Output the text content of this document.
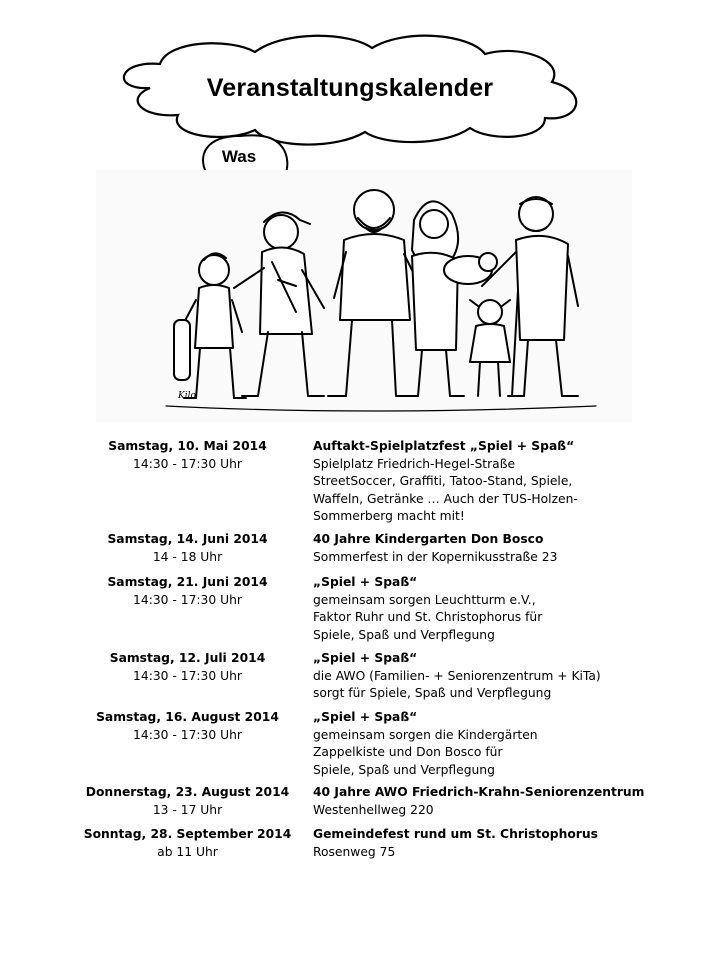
Veranstaltungskalender
Was
Kilo
Samstag, 10. Mai 2014
14:30 - 17:30 Uhr
Auftakt-Spielplatzfest „Spiel + Spaß“
Spielplatz Friedrich-Hegel-Straße
StreetSoccer, Graffiti, Tatoo-Stand, Spiele,
Waffeln, Getränke … Auch der TUS-Holzen-
Sommerberg macht mit!
Samstag, 14. Juni 2014
14 - 18 Uhr
40 Jahre Kindergarten Don Bosco
Sommerfest in der Kopernikusstraße 23
Samstag, 21. Juni 2014
14:30 - 17:30 Uhr
„Spiel + Spaß“
gemeinsam sorgen Leuchtturm e.V.,
Faktor Ruhr und St. Christophorus für
Spiele, Spaß und Verpflegung
Samstag, 12. Juli 2014
14:30 - 17:30 Uhr
„Spiel + Spaß“
die AWO (Familien- + Seniorenzentrum + KiTa)
sorgt für Spiele, Spaß und Verpflegung
Samstag, 16. August 2014
14:30 - 17:30 Uhr
„Spiel + Spaß“
gemeinsam sorgen die Kindergärten
Zappelkiste und Don Bosco für
Spiele, Spaß und Verpflegung
Donnerstag, 23. August 2014
13 - 17 Uhr
40 Jahre AWO Friedrich-Krahn-Seniorenzentrum
Westenhellweg 220
Sonntag, 28. September 2014
ab 11 Uhr
Gemeindefest rund um St. Christophorus
Rosenweg 75
